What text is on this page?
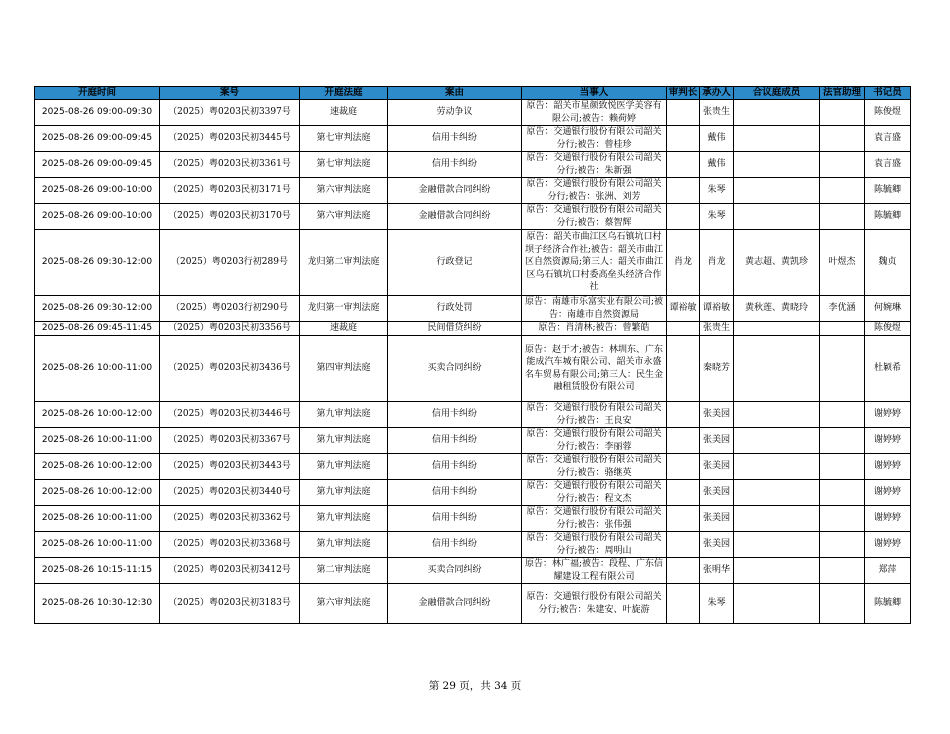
开庭时间	案号	开庭法庭	案由	当事人	审判长	承办人	合议庭成员	法官助理	书记员
2025-08-26 09:00-09:30	（2025）粤0203民初3397号	速裁庭	劳动争议	原告：韶关市星颜致悦医学美容有限公司;被告：赖荷婷		张贵生			陈俊煜
2025-08-26 09:00-09:45	（2025）粤0203民初3445号	第七审判法庭	信用卡纠纷	原告：交通银行股份有限公司韶关分行;被告：曾桂珍		戴伟			袁言盛
2025-08-26 09:00-09:45	（2025）粤0203民初3361号	第七审判法庭	信用卡纠纷	原告：交通银行股份有限公司韶关分行;被告：朱新强		戴伟			袁言盛
2025-08-26 09:00-10:00	（2025）粤0203民初3171号	第六审判法庭	金融借款合同纠纷	原告：交通银行股份有限公司韶关分行;被告：张洲、刘芳		朱琴			陈毓卿
2025-08-26 09:00-10:00	（2025）粤0203民初3170号	第六审判法庭	金融借款合同纠纷	原告：交通银行股份有限公司韶关分行;被告：蔡智辉		朱琴			陈毓卿
2025-08-26 09:30-12:00	（2025）粤0203行初289号	龙归第二审判法庭	行政登记	原告：韶关市曲江区乌石镇坑口村坝子经济合作社;被告：韶关市曲江区自然资源局;第三人：韶关市曲江区乌石镇坑口村委高垒头经济合作社	肖龙	肖龙	黄志超、黄凯珍	叶煜杰	魏贞
2025-08-26 09:30-12:00	（2025）粤0203行初290号	龙归第一审判法庭	行政处罚	原告：南雄市乐富实业有限公司;被告：南雄市自然资源局	谭裕敏	谭裕敏	黄秋莲、黄晓玲	李优涵	何婉琳
2025-08-26 09:45-11:45	（2025）粤0203民初3356号	速裁庭	民间借贷纠纷	原告：肖清林;被告：曾繁皓		张贵生			陈俊煜
2025-08-26 10:00-11:00	（2025）粤0203民初3436号	第四审判法庭	买卖合同纠纷	原告：赵于才;被告：林圳东、广东能成汽车城有限公司、韶关市永盛名车贸易有限公司;第三人：民生金融租赁股份有限公司		秦晓芳			杜颖希
2025-08-26 10:00-12:00	（2025）粤0203民初3446号	第九审判法庭	信用卡纠纷	原告：交通银行股份有限公司韶关分行;被告：王良安		张美园			谢婷婷
2025-08-26 10:00-11:00	（2025）粤0203民初3367号	第九审判法庭	信用卡纠纷	原告：交通银行股份有限公司韶关分行;被告：李丽蓉		张美园			谢婷婷
2025-08-26 10:00-12:00	（2025）粤0203民初3443号	第九审判法庭	信用卡纠纷	原告：交通银行股份有限公司韶关分行;被告：骆继英		张美园			谢婷婷
2025-08-26 10:00-12:00	（2025）粤0203民初3440号	第九审判法庭	信用卡纠纷	原告：交通银行股份有限公司韶关分行;被告：程文杰		张美园			谢婷婷
2025-08-26 10:00-11:00	（2025）粤0203民初3362号	第九审判法庭	信用卡纠纷	原告：交通银行股份有限公司韶关分行;被告：张伟强		张美园			谢婷婷
2025-08-26 10:00-11:00	（2025）粤0203民初3368号	第九审判法庭	信用卡纠纷	原告：交通银行股份有限公司韶关分行;被告：周明山		张美园			谢婷婷
2025-08-26 10:15-11:15	（2025）粤0203民初3412号	第二审判法庭	买卖合同纠纷	原告：林广福;被告：段程、广东信耀建设工程有限公司		张明华			郑萍
2025-08-26 10:30-12:30	（2025）粤0203民初3183号	第六审判法庭	金融借款合同纠纷	原告：交通银行股份有限公司韶关分行;被告：朱建安、叶旋游		朱琴			陈毓卿
第 29 页，共 34 页
